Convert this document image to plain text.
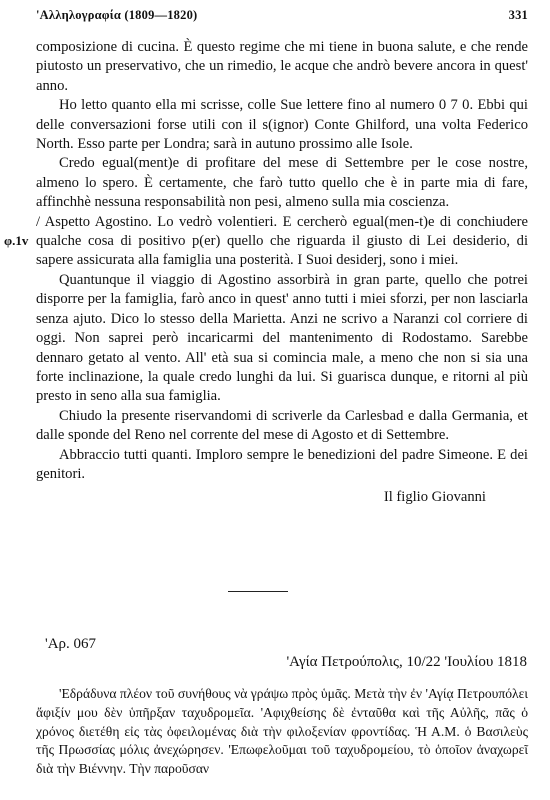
'Αλληλογραφία (1809—1820)	331
φ.1v

composizione di cucina. È questo regime che mi tiene in buona salute, e che rende piutosto un preservativo, che un rimedio, le acque che andrò bevere ancora in quest' anno.

Ho letto quanto ella mi scrisse, colle Sue lettere fino al numero 0 7 0. Ebbi qui delle conversazioni forse utili con il s(ignor) Conte Ghilford, una volta Federico North. Esso parte per Londra; sarà in autuno prossimo alle Isole.

Credo egual(ment)e di profitare del mese di Settembre per le cose nostre, almeno lo spero. È certamente, che farò tutto quello che è in parte mia di fare, affinchhè nessuna responsabilità non pesi, almeno sulla mia coscienza.

/ Aspetto Agostino. Lo vedrò volentieri. E cercherò egual(men-t)e di conchiudere qualche cosa di positivo p(er) quello che riguarda il giusto di Lei desiderio, di sapere assicurata alla famiglia una posterità. I Suoi desiderj, sono i miei.

Quantunque il viaggio di Agostino assorbirà in gran parte, quello che potrei disporre per la famiglia, farò anco in quest' anno tutti i miei sforzi, per non lasciarla senza ajuto. Dico lo stesso della Marietta. Anzi ne scrivo a Naranzi col corriere di oggi. Non saprei però incaricarmi del mantenimento di Rodostamo. Sarebbe dennaro getato al vento. All' età sua si comincia male, a meno che non si sia una forte inclinazione, la quale credo lunghi da lui. Si guarisca dunque, e ritorni al più presto in seno alla sua famiglia.

Chiudo la presente riservandomi di scriverle da Carlesbad e dalla Germania, et dalle sponde del Reno nel corrente del mese di Agosto et di Settembre.

Abbraccio tutti quanti. Imploro sempre le benedizioni del padre Simeone. E dei genitori.

Il figlio Giovanni

'Αρ. 067
'Αγία Πετρούπολις, 10/22 'Ιουλίου 1818

'Εδράδυνα πλέον τοῦ συνήθους νὰ γράψω πρὸς ὑμᾶς. Μετὰ τὴν ἐν 'Αγίᾳ Πετρουπόλει ἄφιξίν μου δὲν ὑπῆρξαν ταχυδρομεῖα. 'Αφιχθείσης δὲ ἐνταῦθα καὶ τῆς Αὐλῆς, πᾶς ὁ χρόνος διετέθη εἰς τὰς ὀφειλομένας διὰ τὴν φιλοξενίαν φροντίδας. Ἡ Α.Μ. ὁ Βασιλεὺς τῆς Πρωσσίας μόλις ἀνεχώρησεν. 'Επωφελοῦμαι τοῦ ταχυδρομείου, τὸ ὁποῖον ἀναχωρεῖ διὰ τὴν Βιέννην. Τὴν παροῦσαν
